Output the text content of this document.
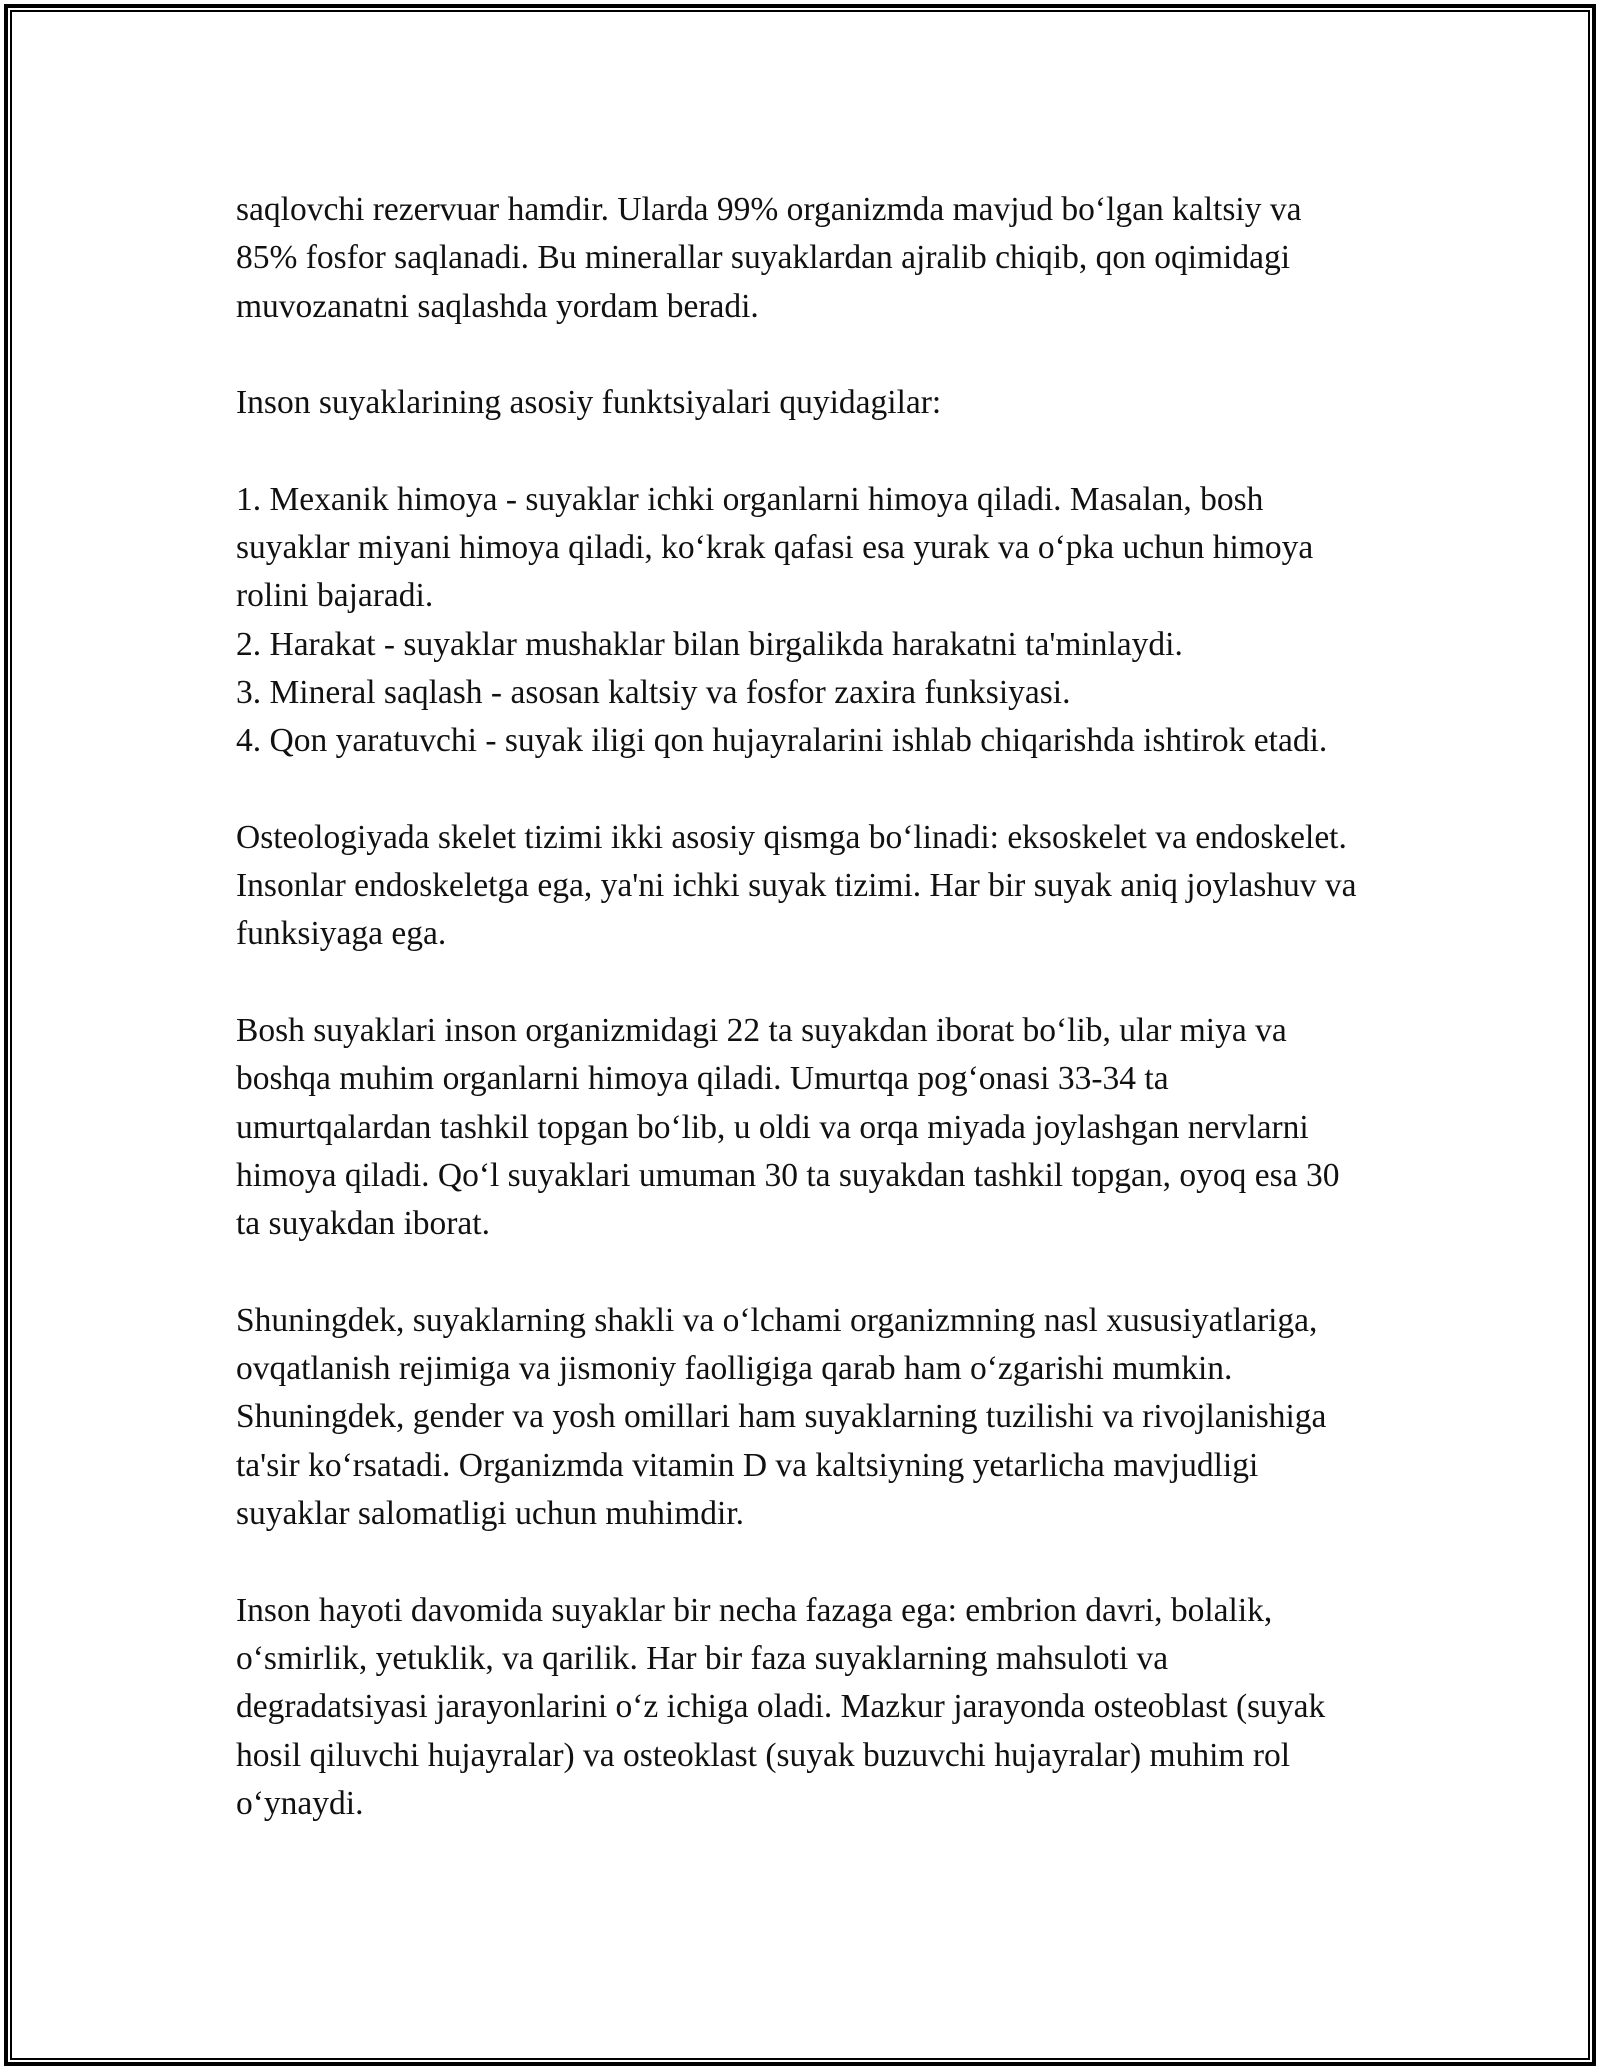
saqlovchi rezervuar hamdir. Ularda 99% organizmda mavjud bo‘lgan kaltsiy va 85% fosfor saqlanadi. Bu minerallar suyaklardan ajralib chiqib, qon oqimidagi muvozanatni saqlashda yordam beradi.

Inson suyaklarining asosiy funktsiyalari quyidagilar:

1. Mexanik himoya - suyaklar ichki organlarni himoya qiladi. Masalan, bosh suyaklar miyani himoya qiladi, ko‘krak qafasi esa yurak va o‘pka uchun himoya rolini bajaradi.

2. Harakat - suyaklar mushaklar bilan birgalikda harakatni ta'minlaydi.

3. Mineral saqlash - asosan kaltsiy va fosfor zaxira funksiyasi.

4. Qon yaratuvchi - suyak iligi qon hujayralarini ishlab chiqarishda ishtirok etadi.

Osteologiyada skelet tizimi ikki asosiy qismga bo‘linadi: eksoskelet va endoskelet. Insonlar endoskeletga ega, ya'ni ichki suyak tizimi. Har bir suyak aniq joylashuv va funksiyaga ega.

Bosh suyaklari inson organizmidagi 22 ta suyakdan iborat bo‘lib, ular miya va boshqa muhim organlarni himoya qiladi. Umurtqa pog‘onasi 33-34 ta umurtqalardan tashkil topgan bo‘lib, u oldi va orqa miyada joylashgan nervlarni himoya qiladi. Qo‘l suyaklari umuman 30 ta suyakdan tashkil topgan, oyoq esa 30 ta suyakdan iborat.

Shuningdek, suyaklarning shakli va o‘lchami organizmning nasl xususiyatlariga, ovqatlanish rejimiga va jismoniy faolligiga qarab ham o‘zgarishi mumkin. Shuningdek, gender va yosh omillari ham suyaklarning tuzilishi va rivojlanishiga ta'sir ko‘rsatadi. Organizmda vitamin D va kaltsiyning yetarlicha mavjudligi suyaklar salomatligi uchun muhimdir.

Inson hayoti davomida suyaklar bir necha fazaga ega: embrion davri, bolalik, o‘smirlik, yetuklik, va qarilik. Har bir faza suyaklarning mahsuloti va degradatsiyasi jarayonlarini o‘z ichiga oladi. Mazkur jarayonda osteoblast (suyak hosil qiluvchi hujayralar) va osteoklast (suyak buzuvchi hujayralar) muhim rol o‘ynaydi.
